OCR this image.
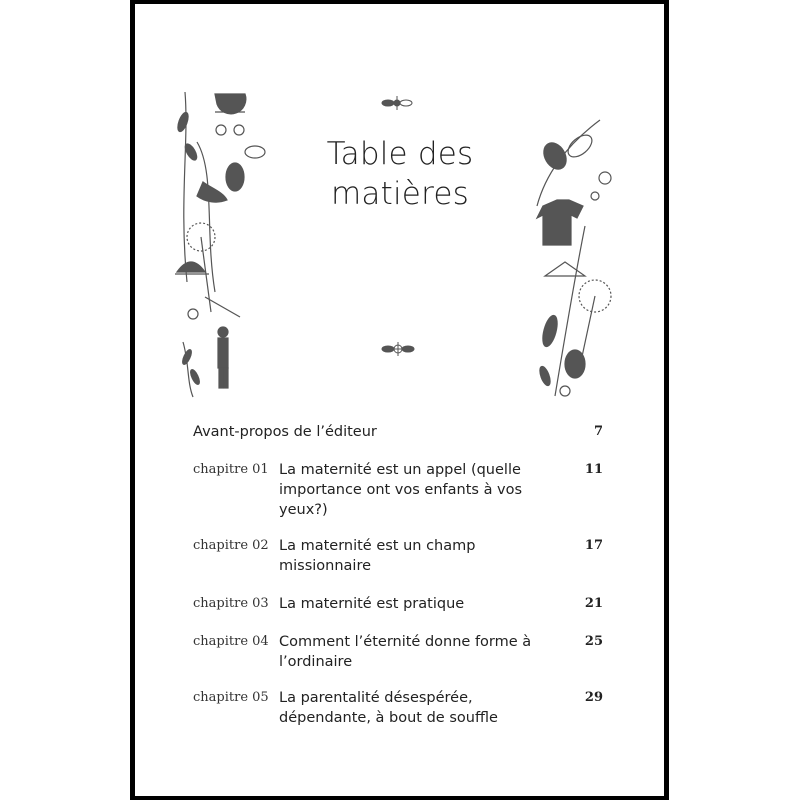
Table des
matières
Avant-propos de l’éditeur	7
chapitre 01 La maternité est un appel (quelle importance ont vos enfants à vos yeux?)
11
chapitre 02 La maternité est un champ missionnaire
17
chapitre 03 La maternité est pratique	21
chapitre 04 Comment l’éternité donne forme à l’ordinaire
25
chapitre 05 La parentalité désespérée, dépendante, à bout de souffle
29
